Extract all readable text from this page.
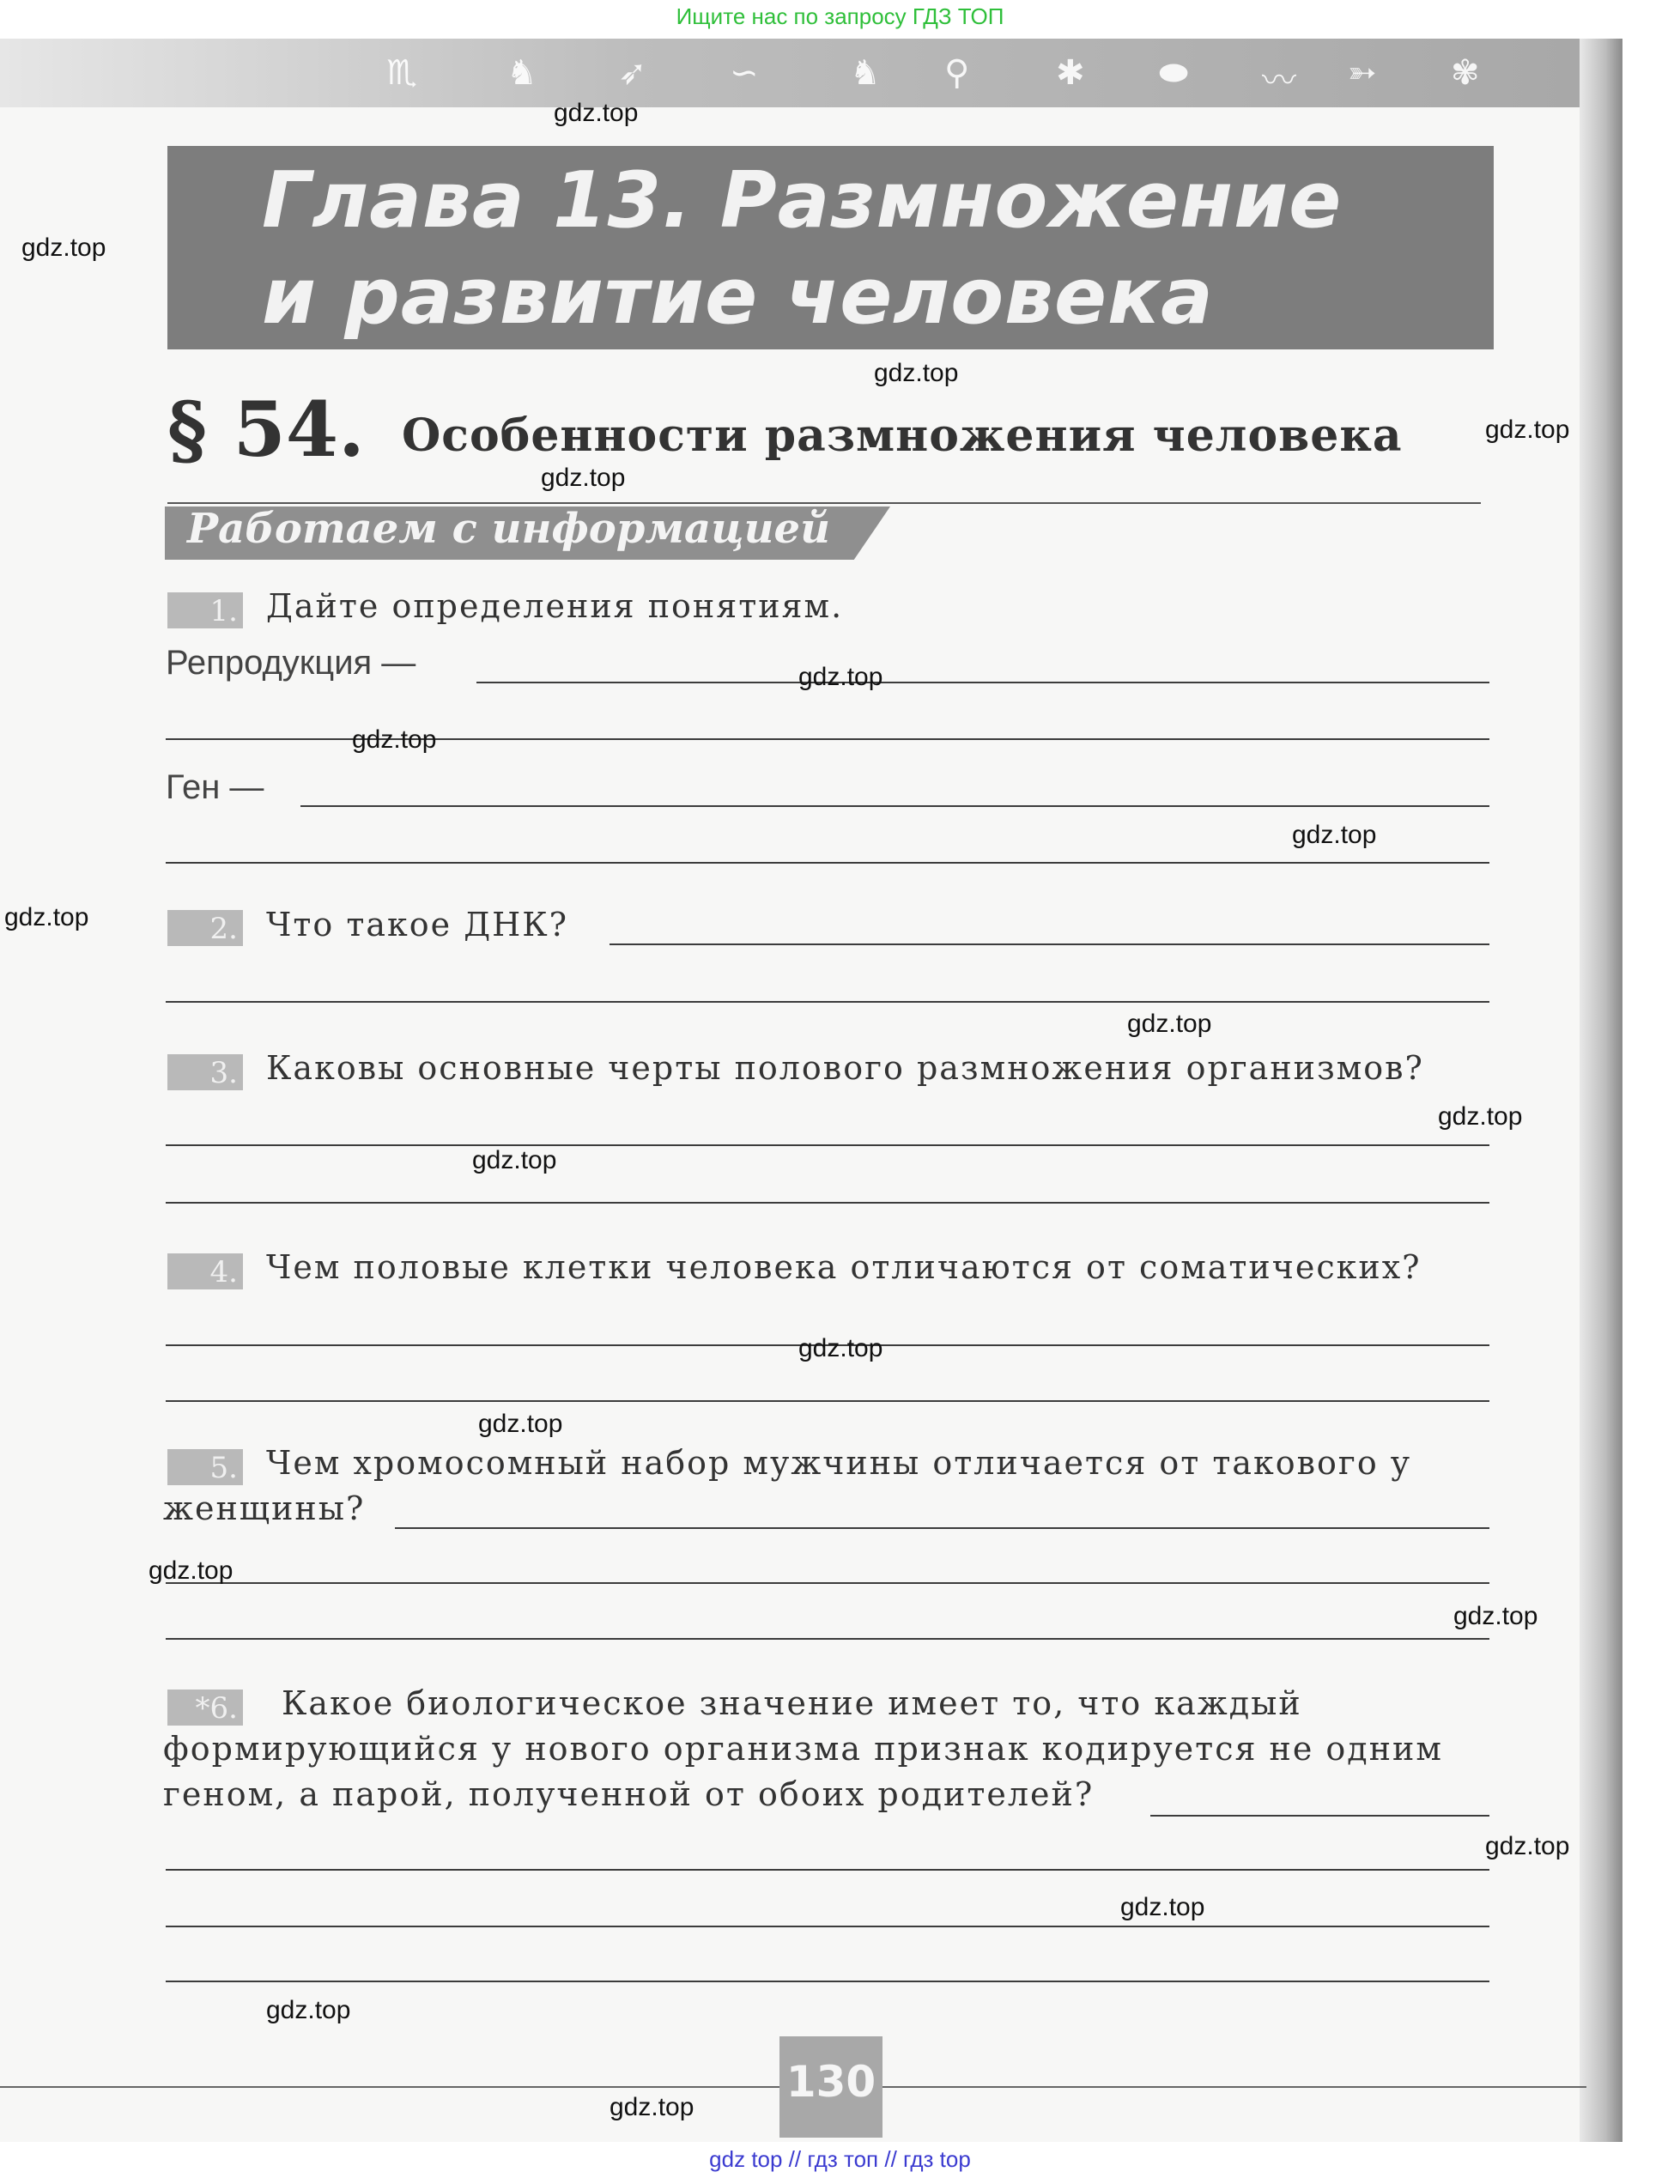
Ищите нас по запросу ГДЗ ТОП
♏	♞ ➶ ∽	♞ ⚲	✱ ⬬ 〰 ➳ ✾
Глава 13. Размножение
и развитие человека
§ 54. Особенности размножения человека
Работаем с информацией
1. Дайте определения понятиям.
Репродукция —
Ген —
2. Что такое ДНК?
3. Каковы основные черты полового размножения организмов?
4. Чем половые клетки человека отличаются от соматических?
5. Чем хромосомный набор мужчины отличается от такового у
женщины?
*6. Какое биологическое значение имеет то, что каждый
формирующийся у нового организма признак кодируется не одним
геном, а парой, полученной от обоих родителей?
130
gdz.top
gdz.top
gdz.top
gdz.top
gdz.top
gdz.top
gdz.top
gdz.top
gdz.top
gdz.top
gdz.top
gdz.top
gdz.top
gdz.top
gdz.top
gdz.top
gdz.top
gdz.top
gdz.top
gdz.top
gdz top // гдз топ // гдз top
